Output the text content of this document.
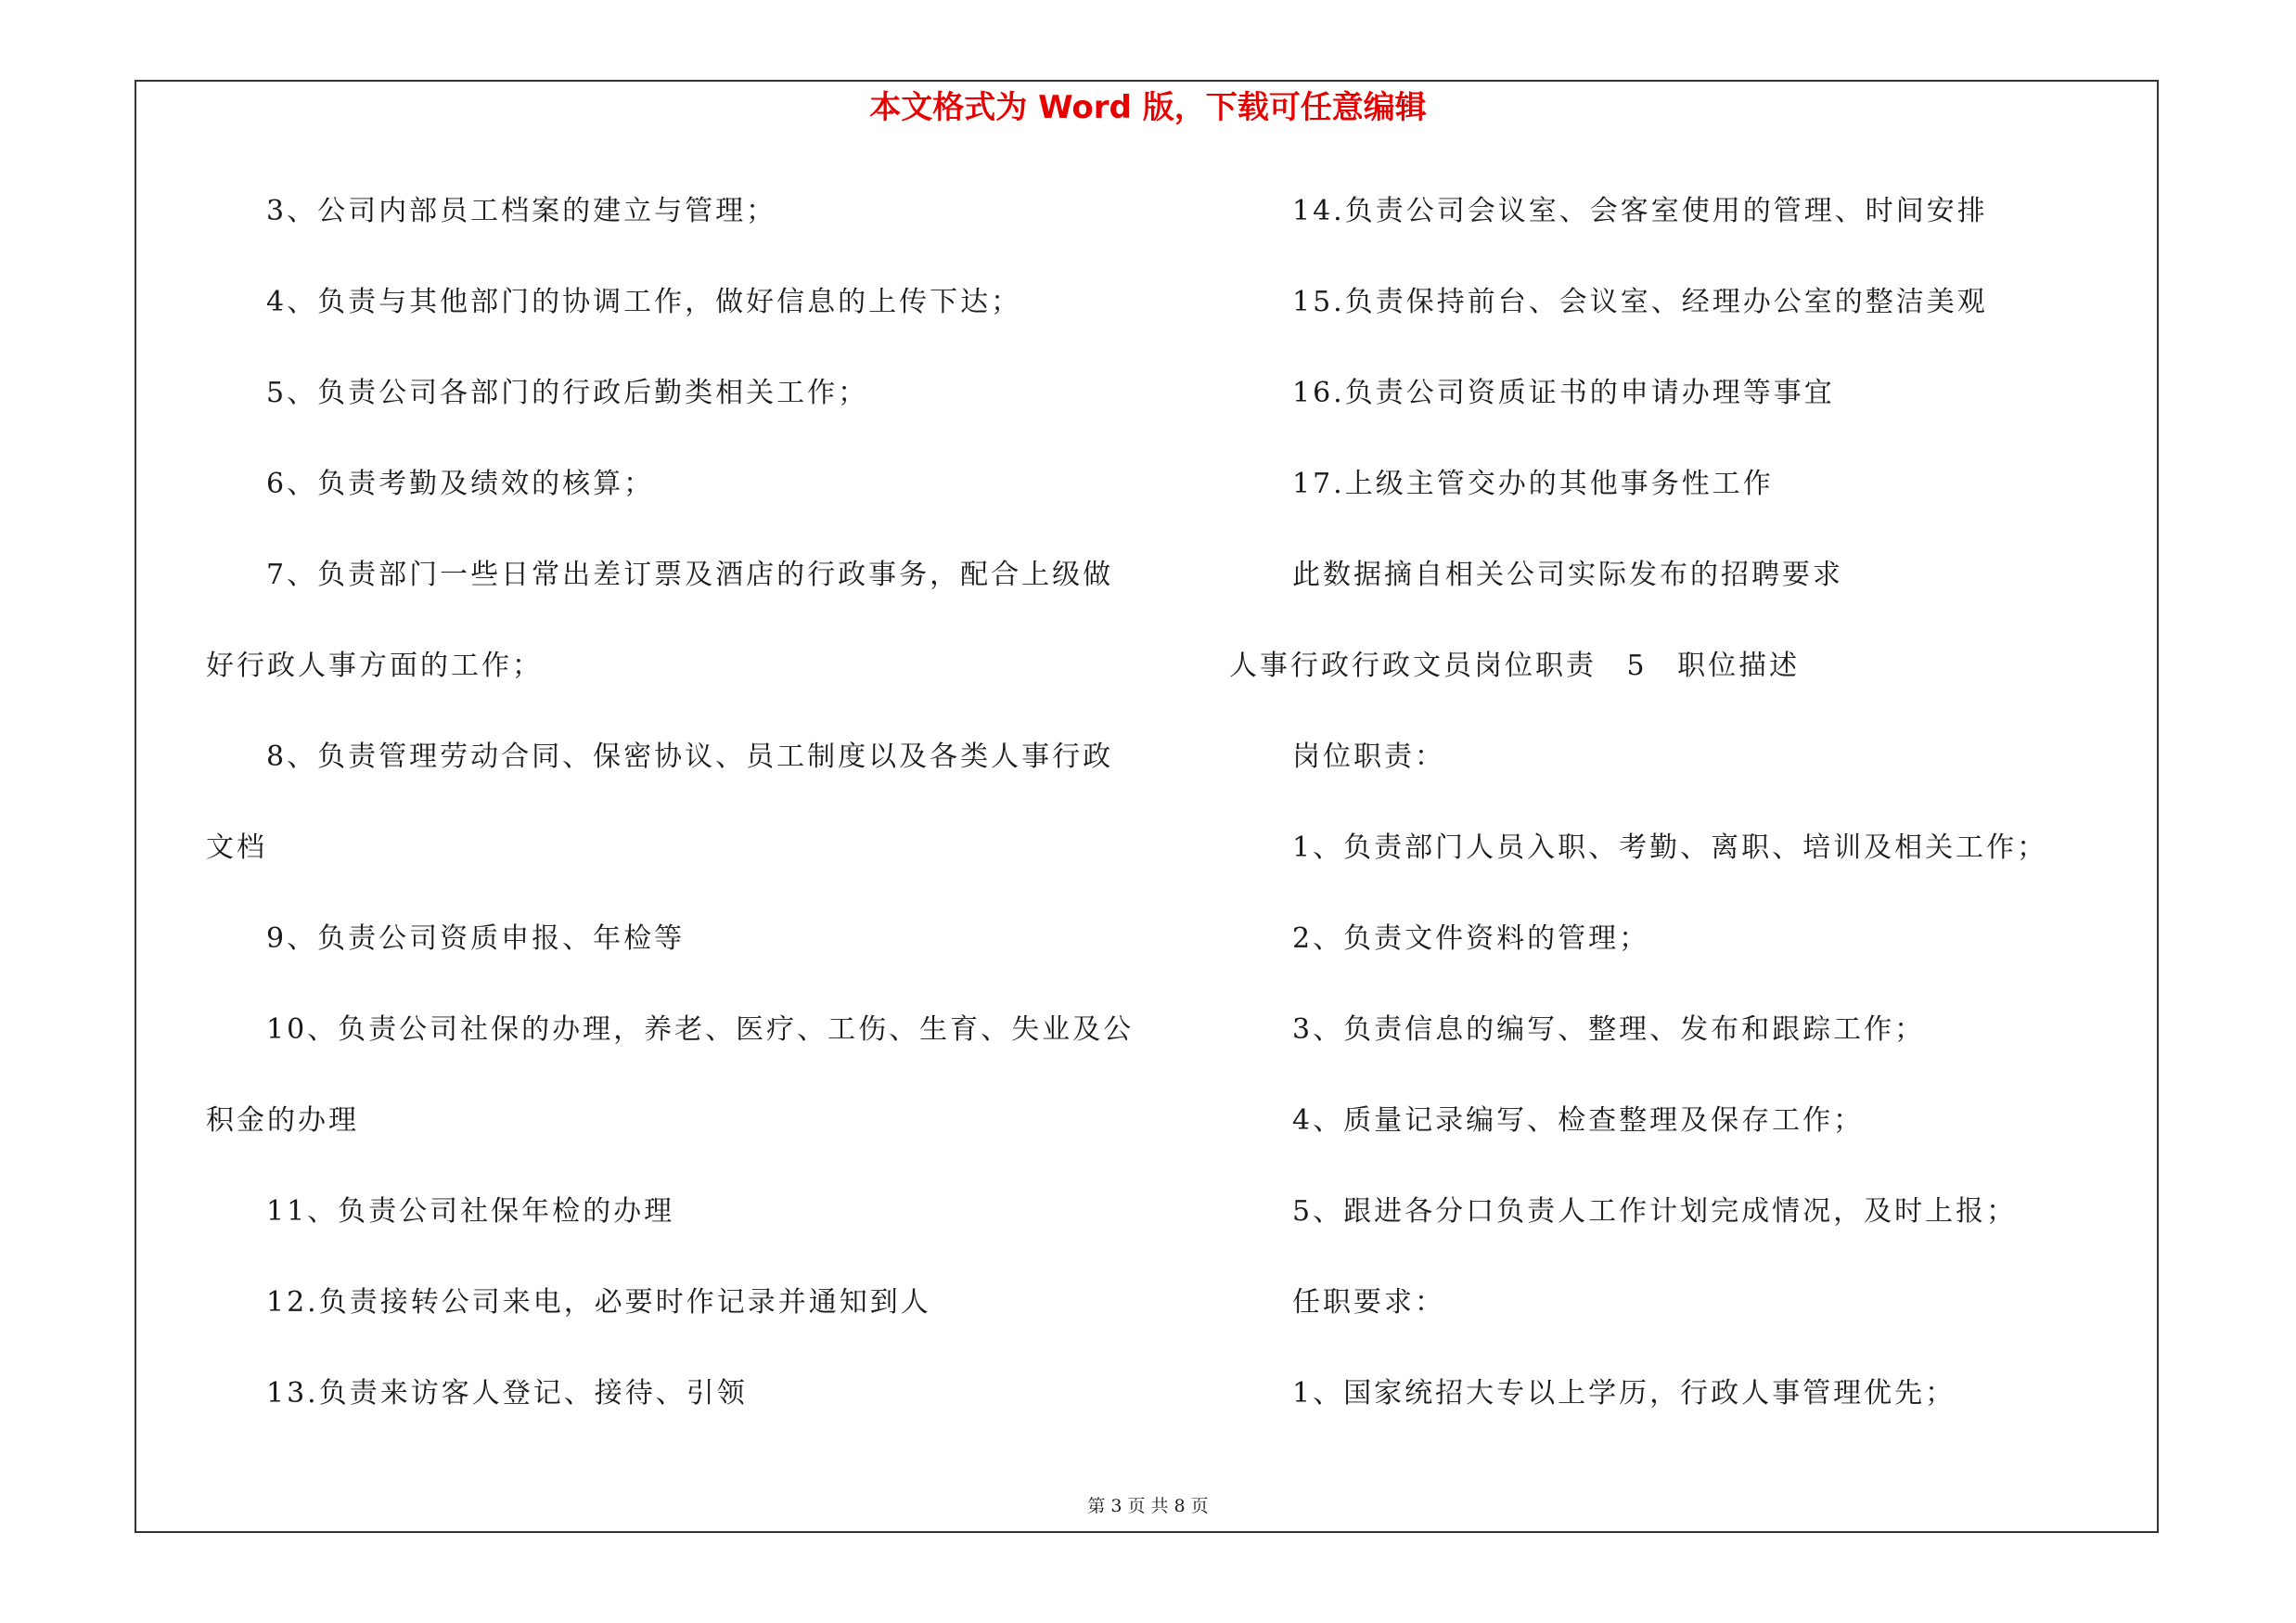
本文格式为 Word 版，下载可任意编辑
3、公司内部员工档案的建立与管理；
4、负责与其他部门的协调工作，做好信息的上传下达；
5、负责公司各部门的行政后勤类相关工作；
6、负责考勤及绩效的核算；
7、负责部门一些日常出差订票及酒店的行政事务，配合上级做
好行政人事方面的工作；
8、负责管理劳动合同、保密协议、员工制度以及各类人事行政
文档
9、负责公司资质申报、年检等
10、负责公司社保的办理，养老、医疗、工伤、生育、失业及公
积金的办理
11、负责公司社保年检的办理
12.负责接转公司来电，必要时作记录并通知到人
13.负责来访客人登记、接待、引领
14.负责公司会议室、会客室使用的管理、时间安排
15.负责保持前台、会议室、经理办公室的整洁美观
16.负责公司资质证书的申请办理等事宜
17.上级主管交办的其他事务性工作
此数据摘自相关公司实际发布的招聘要求
人事行政行政文员岗位职责 5 职位描述
岗位职责：
1、负责部门人员入职、考勤、离职、培训及相关工作；
2、负责文件资料的管理；
3、负责信息的编写、整理、发布和跟踪工作；
4、质量记录编写、检查整理及保存工作；
5、跟进各分口负责人工作计划完成情况，及时上报；
任职要求：
1、国家统招大专以上学历，行政人事管理优先；
第 3 页 共 8 页
